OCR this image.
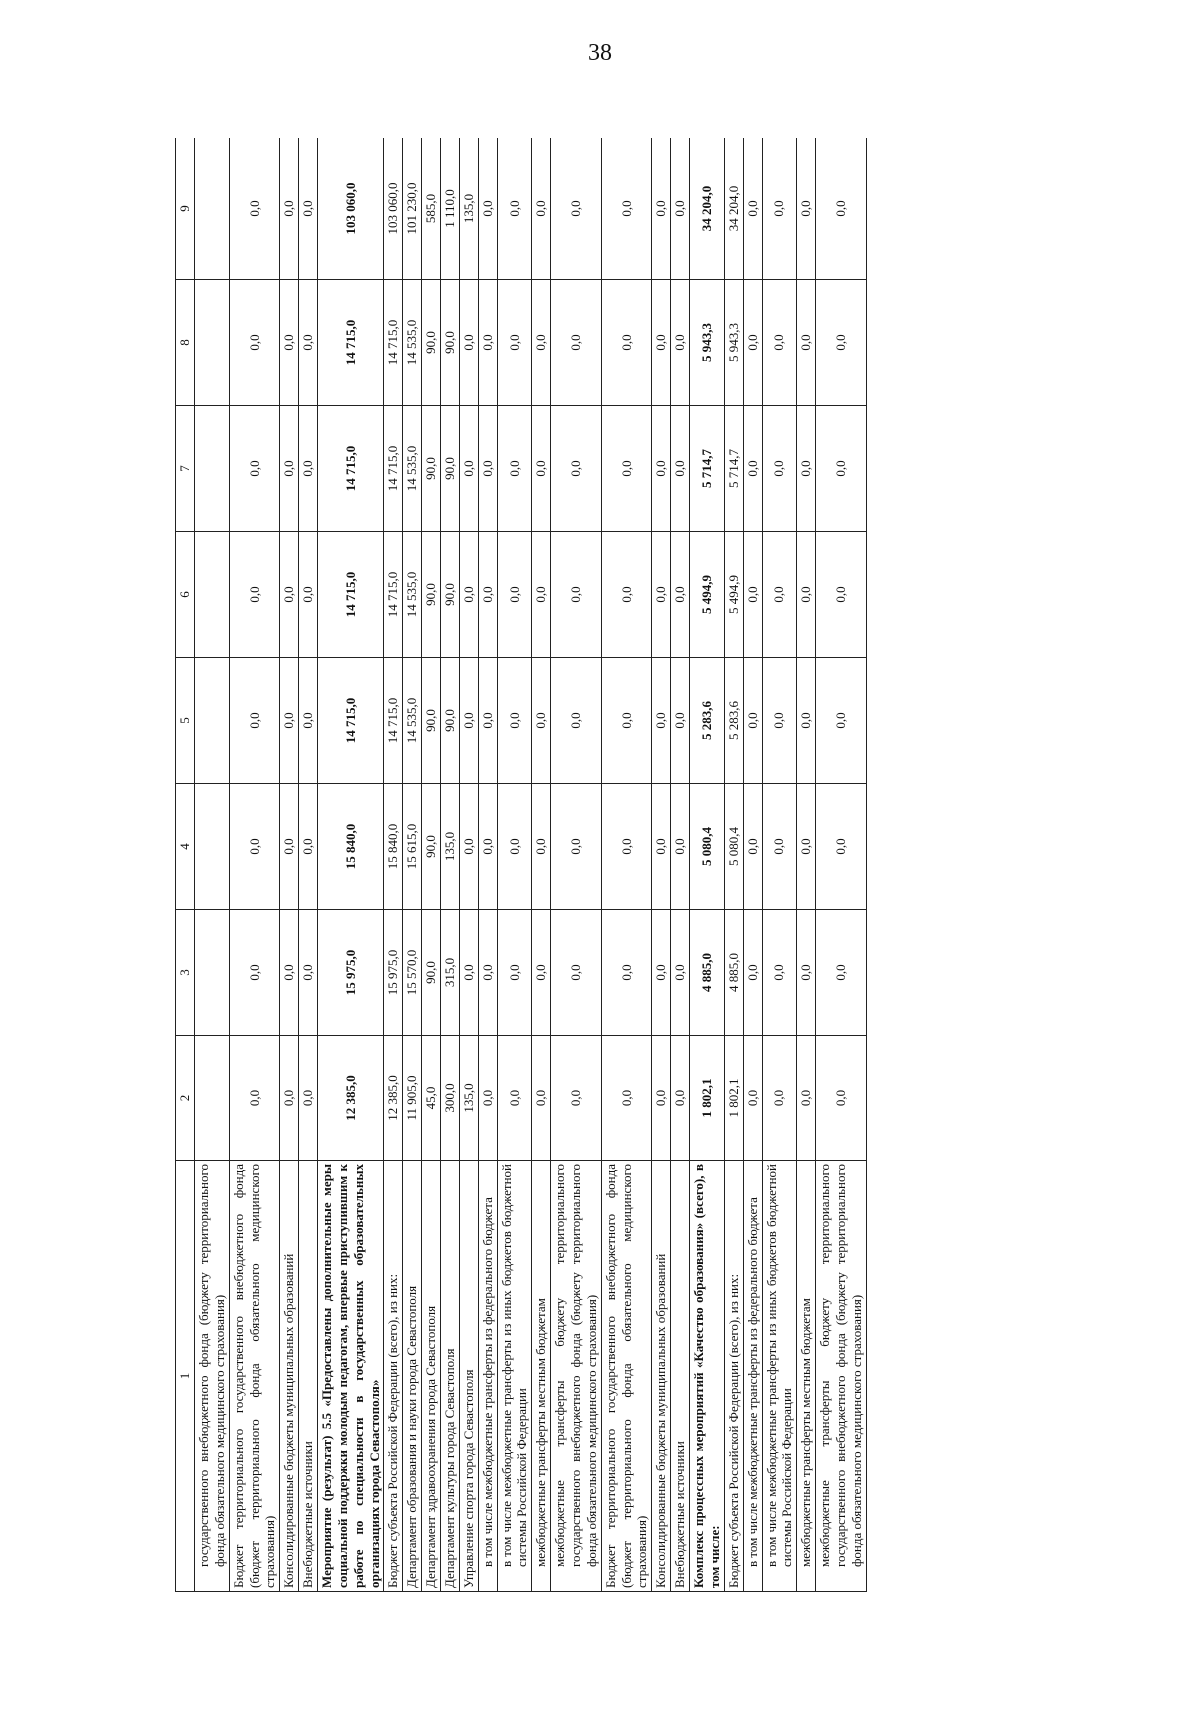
38
1	2	3	4	5	6	7	8	9
государственного внебюджетного фонда (бюджету территориального фонда обязательного медицинского страхования)								
Бюджет территориального государственного внебюджетного фонда (бюджет территориального фонда обязательного медицинского страхования)	0,0	0,0	0,0	0,0	0,0	0,0	0,0	0,0
Консолидированные бюджеты муниципальных образований	0,0	0,0	0,0	0,0	0,0	0,0	0,0	0,0
Внебюджетные источники	0,0	0,0	0,0	0,0	0,0	0,0	0,0	0,0
Мероприятие (результат) 5.5 «Предоставлены дополнительные меры социальной поддержки молодым педагогам, впервые приступившим к работе по специальности в государственных образовательных организациях города Севастополя»	12 385,0	15 975,0	15 840,0	14 715,0	14 715,0	14 715,0	14 715,0	103 060,0
Бюджет субъекта Российской Федерации (всего), из них:	12 385,0	15 975,0	15 840,0	14 715,0	14 715,0	14 715,0	14 715,0	103 060,0
Департамент образования и науки города Севастополя	11 905,0	15 570,0	15 615,0	14 535,0	14 535,0	14 535,0	14 535,0	101 230,0
Департамент здравоохранения города Севастополя	45,0	90,0	90,0	90,0	90,0	90,0	90,0	585,0
Департамент культуры города Севастополя	300,0	315,0	135,0	90,0	90,0	90,0	90,0	1 110,0
Управление спорта города Севастополя	135,0	0,0	0,0	0,0	0,0	0,0	0,0	135,0
в том числе межбюджетные трансферты из федерального бюджета	0,0	0,0	0,0	0,0	0,0	0,0	0,0	0,0
в том числе межбюджетные трансферты из иных бюджетов бюджетной системы Российской Федерации	0,0	0,0	0,0	0,0	0,0	0,0	0,0	0,0
межбюджетные трансферты местным бюджетам	0,0	0,0	0,0	0,0	0,0	0,0	0,0	0,0
межбюджетные трансферты бюджету территориального государственного внебюджетного фонда (бюджету территориального фонда обязательного медицинского страхования)	0,0	0,0	0,0	0,0	0,0	0,0	0,0	0,0
Бюджет территориального государственного внебюджетного фонда (бюджет территориального фонда обязательного медицинского страхования)	0,0	0,0	0,0	0,0	0,0	0,0	0,0	0,0
Консолидированные бюджеты муниципальных образований	0,0	0,0	0,0	0,0	0,0	0,0	0,0	0,0
Внебюджетные источники	0,0	0,0	0,0	0,0	0,0	0,0	0,0	0,0
Комплекс процессных мероприятий «Качество образования» (всего), в том числе:	1 802,1	4 885,0	5 080,4	5 283,6	5 494,9	5 714,7	5 943,3	34 204,0
Бюджет субъекта Российской Федерации (всего), из них:	1 802,1	4 885,0	5 080,4	5 283,6	5 494,9	5 714,7	5 943,3	34 204,0
в том числе межбюджетные трансферты из федерального бюджета	0,0	0,0	0,0	0,0	0,0	0,0	0,0	0,0
в том числе межбюджетные трансферты из иных бюджетов бюджетной системы Российской Федерации	0,0	0,0	0,0	0,0	0,0	0,0	0,0	0,0
межбюджетные трансферты местным бюджетам	0,0	0,0	0,0	0,0	0,0	0,0	0,0	0,0
межбюджетные трансферты бюджету территориального государственного внебюджетного фонда (бюджету территориального фонда обязательного медицинского страхования)	0,0	0,0	0,0	0,0	0,0	0,0	0,0	0,0
